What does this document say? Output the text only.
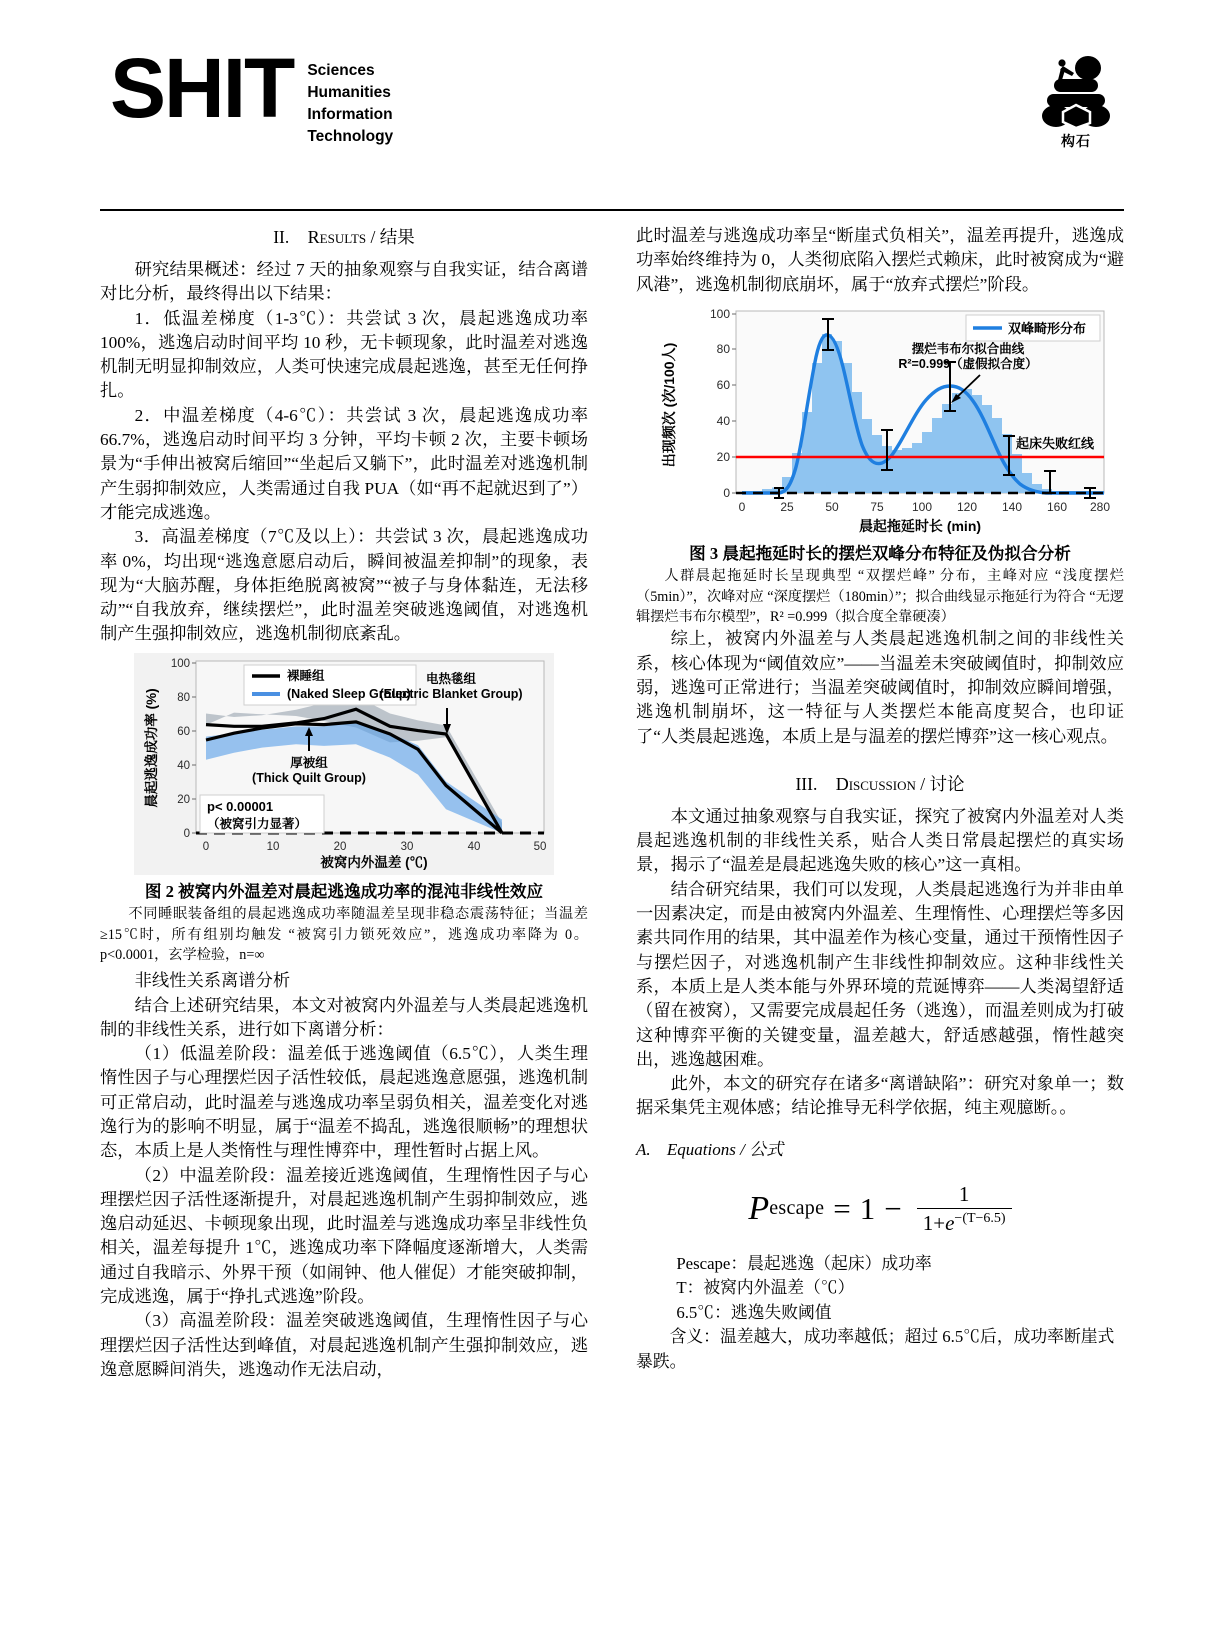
SHIT Sciences
Humanities
Information
Technology	构石
II. Results / 结果

研究结果概述：经过 7 天的抽象观察与自我实证，结合离谱对比分析，最终得出以下结果：

1．低温差梯度（1-3℃）：共尝试 3 次，晨起逃逸成功率 100%，逃逸启动时间平均 10 秒，无卡顿现象，此时温差对逃逸机制无明显抑制效应，人类可快速完成晨起逃逸，甚至无任何挣扎。

2．中温差梯度（4-6℃）：共尝试 3 次，晨起逃逸成功率 66.7%，逃逸启动时间平均 3 分钟，平均卡顿 2 次，主要卡顿场景为“手伸出被窝后缩回”“坐起后又躺下”，此时温差对逃逸机制产生弱抑制效应，人类需通过自我 PUA（如“再不起就迟到了”）才能完成逃逸。

3．高温差梯度（7℃及以上）：共尝试 3 次，晨起逃逸成功率 0%，均出现“逃逸意愿启动后，瞬间被温差抑制”的现象，表现为“大脑苏醒，身体拒绝脱离被窝”“被子与身体黏连，无法移动”“自我放弃，继续摆烂”，此时温差突破逃逸阈值，对逃逸机制产生强抑制效应，逃逸机制彻底紊乱。

0
20
40
60
80
100
0	10	20	30	40	50
被窝内外温差 (℃)
晨起逃逸成功率 (%)
裸睡组
(Naked Sleep Group)
厚被组
(Thick Quilt Group)
电热毯组
(Electric Blanket Group)
p< 0.00001
（被窝引力显著）
图 2 被窝内外温差对晨起逃逸成功率的混沌非线性效应

不同睡眠装备组的晨起逃逸成功率随温差呈现非稳态震荡特征；当温差≥15℃时，所有组别均触发 “被窝引力锁死效应”，逃逸成功率降为 0。p<0.0001，玄学检验，n=∞

非线性关系离谱分析

结合上述研究结果，本文对被窝内外温差与人类晨起逃逸机制的非线性关系，进行如下离谱分析：

（1）低温差阶段：温差低于逃逸阈值（6.5℃），人类生理惰性因子与心理摆烂因子活性较低，晨起逃逸意愿强，逃逸机制可正常启动，此时温差与逃逸成功率呈弱负相关，温差变化对逃逸行为的影响不明显，属于“温差不捣乱，逃逸很顺畅”的理想状态，本质上是人类惰性与理性博弈中，理性暂时占据上风。

（2）中温差阶段：温差接近逃逸阈值，生理惰性因子与心理摆烂因子活性逐渐提升，对晨起逃逸机制产生弱抑制效应，逃逸启动延迟、卡顿现象出现，此时温差与逃逸成功率呈非线性负相关，温差每提升 1℃，逃逸成功率下降幅度逐渐增大，人类需通过自我暗示、外界干预（如闹钟、他人催促）才能突破抑制，完成逃逸，属于“挣扎式逃逸”阶段。

（3）高温差阶段：温差突破逃逸阈值，生理惰性因子与心理摆烂因子活性达到峰值，对晨起逃逸机制产生强抑制效应，逃逸意愿瞬间消失，逃逸动作无法启动，

此时温差与逃逸成功率呈“断崖式负相关”，温差再提升，逃逸成功率始终维持为 0，人类彻底陷入摆烂式赖床，此时被窝成为“避风港”，逃逸机制彻底崩坏，属于“放弃式摆烂”阶段。

0
20
40
60
80
100
0	25	50	75 100 120 140 160 280
晨起拖延时长 (min)
出现频次 (次/100人)
双峰畸形分布
摆烂韦布尔拟合曲线
R²=0.999（虚假拟合度）
起床失败红线
图 3 晨起拖延时长的摆烂双峰分布特征及伪拟合分析

人群晨起拖延时长呈现典型 “双摆烂峰” 分布，主峰对应 “浅度摆烂（5min）”，次峰对应 “深度摆烂（180min）”；拟合曲线显示拖延行为符合 “无逻辑摆烂韦布尔模型”，R² =0.999（拟合度全靠硬凑）

综上，被窝内外温差与人类晨起逃逸机制之间的非线性关系，核心体现为“阈值效应”——当温差未突破阈值时，抑制效应弱，逃逸可正常进行；当温差突破阈值时，抑制效应瞬间增强，逃逸机制崩坏，这一特征与人类摆烂本能高度契合，也印证了“人类晨起逃逸，本质上是与温差的摆烂博弈”这一核心观点。

III. Discussion / 讨论

本文通过抽象观察与自我实证，探究了被窝内外温差对人类晨起逃逸机制的非线性关系，贴合人类日常晨起摆烂的真实场景，揭示了“温差是晨起逃逸失败的核心”这一真相。

结合研究结果，我们可以发现，人类晨起逃逸行为并非由单一因素决定，而是由被窝内外温差、生理惰性、心理摆烂等多因素共同作用的结果，其中温差作为核心变量，通过干预惰性因子与摆烂因子，对逃逸机制产生非线性抑制效应。这种非线性关系，本质上是人类本能与外界环境的荒诞博弈——人类渴望舒适（留在被窝），又需要完成晨起任务（逃逸），而温差则成为打破这种博弈平衡的关键变量，温差越大，舒适感越强，惰性越突出，逃逸越困难。

此外，本文的研究存在诸多“离谱缺陷”：研究对象单一；数据采集凭主观体感；结论推导无科学依据，纯主观臆断。。

A. Equations / 公式
P escape = $1 - \frac{1}{1+e^{-(T-6.5)}}$

Pescape：晨起逃逸（起床）成功率

T：被窝内外温差（℃）

6.5℃：逃逸失败阈值

含义：温差越大，成功率越低；超过 6.5℃后，成功率断崖式暴跌。
